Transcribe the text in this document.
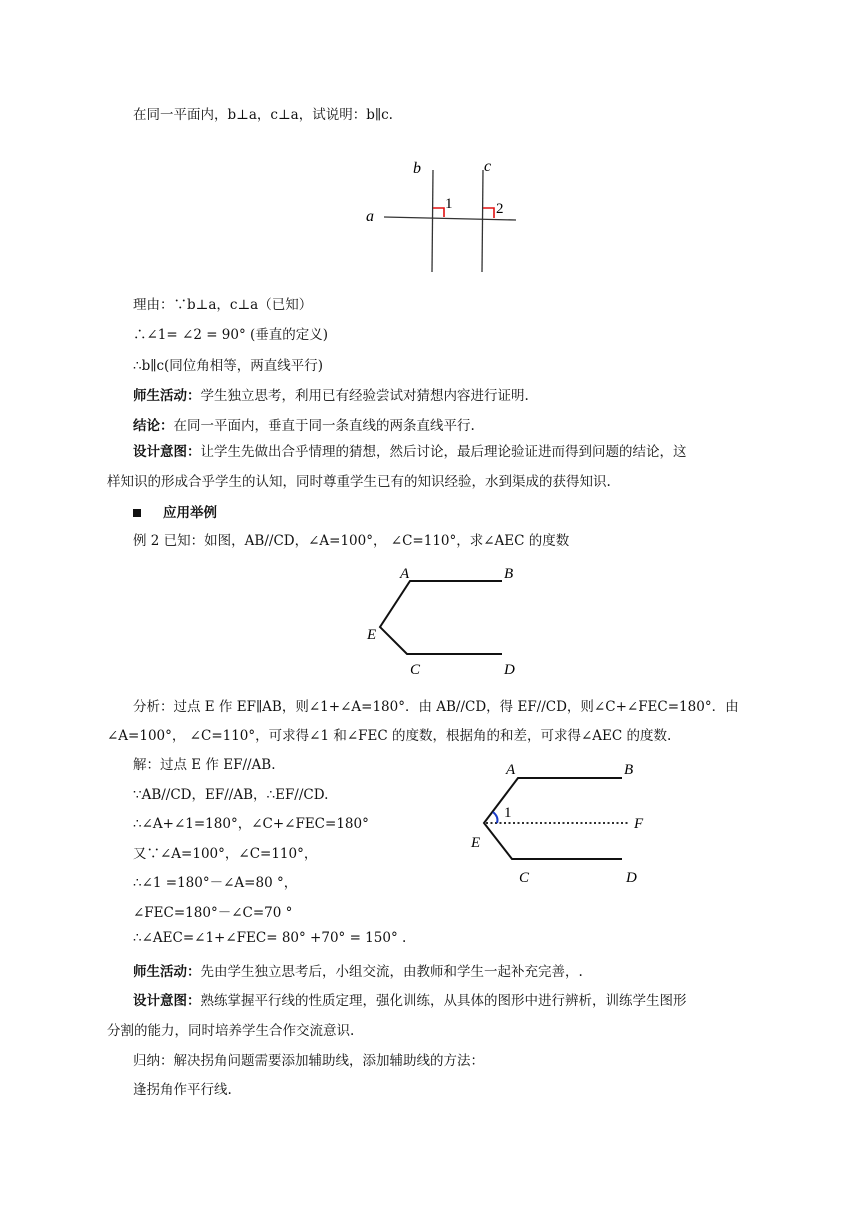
在同一平面内，b⊥a，c⊥a，试说明：b∥c.
a
b	c
1	2
理由：∵b⊥a，c⊥a（已知）
∴∠1= ∠2 = 90° (垂直的定义)
∴b∥c(同位角相等，两直线平行)
师生活动：学生独立思考，利用已有经验尝试对猜想内容进行证明.
结论：在同一平面内，垂直于同一条直线的两条直线平行.
设计意图：让学生先做出合乎情理的猜想，然后讨论，最后理论验证进而得到问题的结论，这
样知识的形成合乎学生的认知，同时尊重学生已有的知识经验，水到渠成的获得知识.
应用举例
例 2 已知：如图，AB//CD，∠A=100°， ∠C=110°，求∠AEC 的度数
A	B
E
C	D
分析：过点 E 作 EF∥AB，则∠1+∠A=180°．由 AB//CD，得 EF//CD，则∠C+∠FEC=180°．由
∠A=100°， ∠C=110°，可求得∠1 和∠FEC 的度数，根据角的和差，可求得∠AEC 的度数.
解：过点 E 作 EF//AB.
∵AB//CD，EF//AB，∴EF//CD.
∴∠A+∠1=180°，∠C+∠FEC=180°
又∵∠A=100°，∠C=110°，
∴∠1 =180°－∠A=80 °，
∠FEC=180°－∠C=70 °
∴∠AEC=∠1+∠FEC= 80° +70° = 150° .
1
A	B
E
F
C	D
师生活动：先由学生独立思考后，小组交流，由教师和学生一起补充完善，.
设计意图：熟练掌握平行线的性质定理，强化训练，从具体的图形中进行辨析，训练学生图形
分割的能力，同时培养学生合作交流意识.
归纳：解决拐角问题需要添加辅助线，添加辅助线的方法：
逢拐角作平行线.
